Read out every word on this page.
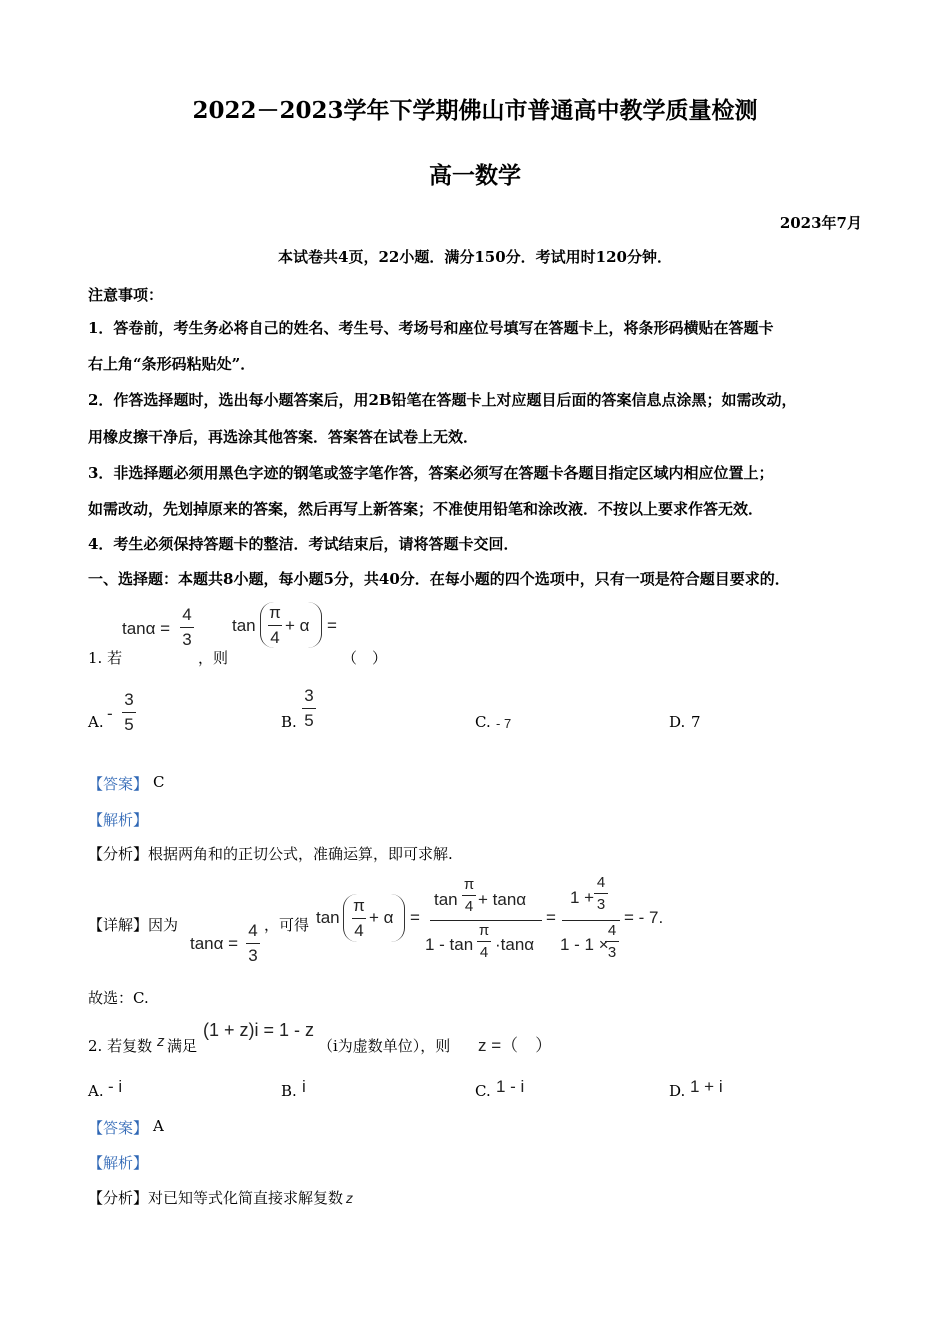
2022－2023学年下学期佛山市普通高中教学质量检测
高一数学
2023年7月
本试卷共4页，22小题．满分150分．考试用时120分钟．
注意事项：
1．答卷前，考生务必将自己的姓名、考生号、考场号和座位号填写在答题卡上，将条形码横贴在答题卡
右上角“条形码粘贴处”．
2．作答选择题时，选出每小题答案后，用2B铅笔在答题卡上对应题目后面的答案信息点涂黑；如需改动，
用橡皮擦干净后，再选涂其他答案．答案答在试卷上无效．
3．非选择题必须用黑色字迹的钢笔或签字笔作答，答案必须写在答题卡各题目指定区域内相应位置上；
如需改动，先划掉原来的答案，然后再写上新答案；不准使用铅笔和涂改液．不按以上要求作答无效．
4．考生必须保持答题卡的整洁．考试结束后，请将答题卡交回．
一、选择题：本题共8小题，每小题5分，共40分．在每小题的四个选项中，只有一项是符合题目要求的．
tanα =
4
3
tan
π
4
+ α =
1. 若	，则	（　）
A. -
3
5	B.
3
5	C. - 7	D. 7
【答案】 C
【解析】
【分析】根据两角和的正切公式，准确运算，即可求解.
【详解】因为
tanα =
4
3
，可得 tan
π
4
+ α =
tan
π
4 + tanα
1 - tan
π
4 ·tanα
=
1 +
4
3
1 - 1 ×
4
3
= - 7.
故选：C.
2. 若复数 z 满足
(1 + z)i = 1 - z
（i为虚数单位），则 z =（　）
A. - i	B. i	C. 1 - i	D. 1 + i
【答案】 A
【解析】
【分析】对已知等式化简直接求解复数 z
